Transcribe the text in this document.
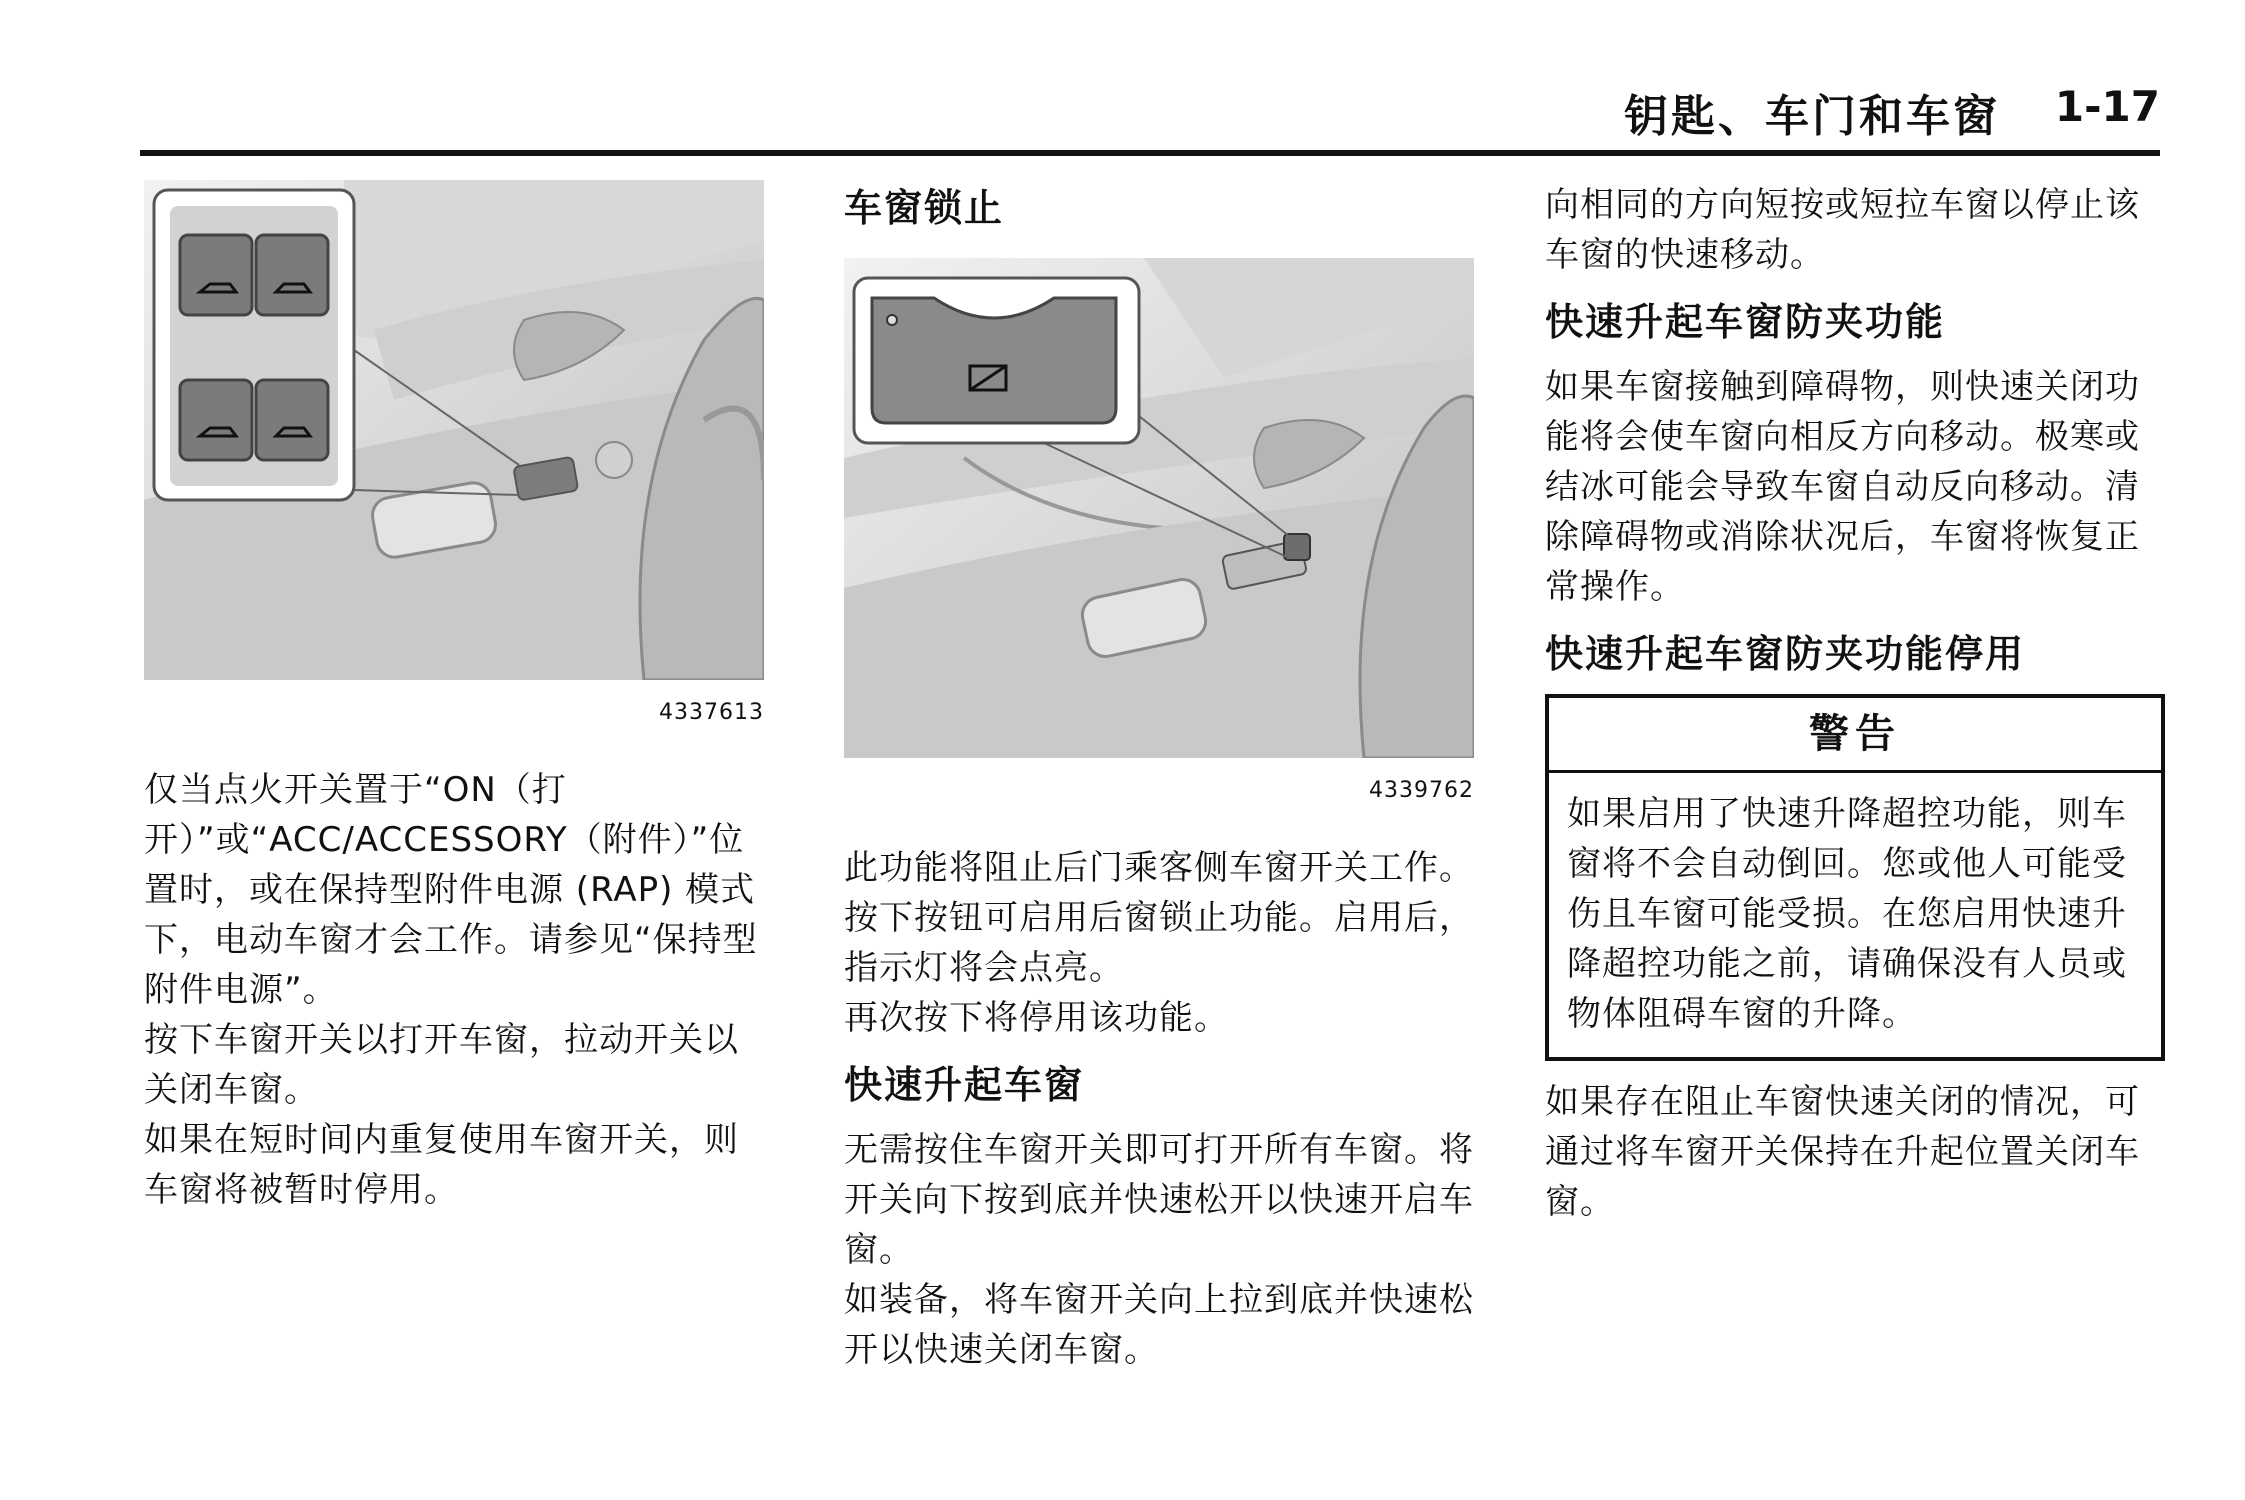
钥匙、车门和车窗 1-17
4337613

仅当点火开关置于“ON（打开）”或“ACC/ACCESSORY（附件）”位置时，或在保持型附件电源 (RAP) 模式下，电动车窗才会工作。请参见“保持型附件电源”。

按下车窗开关以打开车窗，拉动开关以关闭车窗。

如果在短时间内重复使用车窗开关，则车窗将被暂时停用。

车窗锁止
4339762

此功能将阻止后门乘客侧车窗开关工作。

按下按钮可启用后窗锁止功能。启用后，指示灯将会点亮。

再次按下将停用该功能。

快速升起车窗

无需按住车窗开关即可打开所有车窗。将开关向下按到底并快速松开以快速开启车窗。

如装备，将车窗开关向上拉到底并快速松开以快速关闭车窗。

向相同的方向短按或短拉车窗以停止该车窗的快速移动。

快速升起车窗防夹功能

如果车窗接触到障碍物，则快速关闭功能将会使车窗向相反方向移动。极寒或结冰可能会导致车窗自动反向移动。清除障碍物或消除状况后，车窗将恢复正常操作。

快速升起车窗防夹功能停用
警告

如果启用了快速升降超控功能，则车窗将不会自动倒回。您或他人可能受伤且车窗可能受损。在您启用快速升降超控功能之前，请确保没有人员或物体阻碍车窗的升降。

如果存在阻止车窗快速关闭的情况，可通过将车窗开关保持在升起位置关闭车窗。
